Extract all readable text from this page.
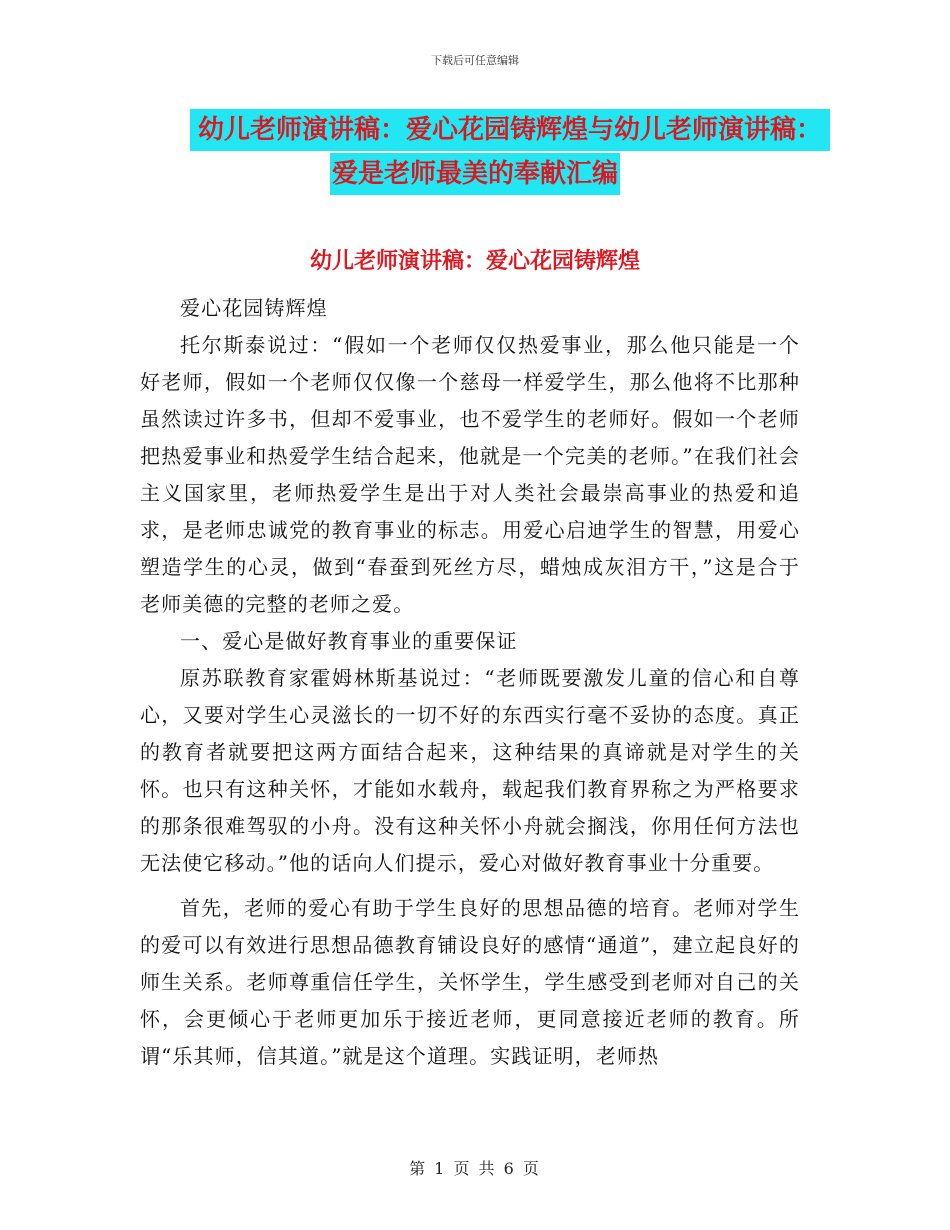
下载后可任意编辑
幼儿老师演讲稿：爱心花园铸辉煌与幼儿老师演讲稿：
爱是老师最美的奉献汇编
幼儿老师演讲稿：爱心花园铸辉煌

爱心花园铸辉煌

托尔斯泰说过：“假如一个老师仅仅热爱事业，那么他只能是一个好老师，假如一个老师仅仅像一个慈母一样爱学生，那么他将不比那种虽然读过许多书，但却不爱事业，也不爱学生的老师好。假如一个老师把热爱事业和热爱学生结合起来，他就是一个完美的老师。”在我们社会主义国家里，老师热爱学生是出于对人类社会最崇高事业的热爱和追求，是老师忠诚党的教育事业的标志。用爱心启迪学生的智慧，用爱心塑造学生的心灵，做到“春蚕到死丝方尽，蜡烛成灰泪方干，”这是合于老师美德的完整的老师之爱。

一、爱心是做好教育事业的重要保证

原苏联教育家霍姆林斯基说过：“老师既要激发儿童的信心和自尊心，又要对学生心灵滋长的一切不好的东西实行毫不妥协的态度。真正的教育者就要把这两方面结合起来，这种结果的真谛就是对学生的关怀。也只有这种关怀，才能如水载舟，载起我们教育界称之为严格要求的那条很难驾驭的小舟。没有这种关怀小舟就会搁浅，你用任何方法也无法使它移动。”他的话向人们提示，爱心对做好教育事业十分重要。

首先，老师的爱心有助于学生良好的思想品德的培育。老师对学生的爱可以有效进行思想品德教育铺设良好的感情“通道”，建立起良好的师生关系。老师尊重信任学生，关怀学生，学生感受到老师对自己的关怀，会更倾心于老师更加乐于接近老师，更同意接近老师的教育。所谓“乐其师，信其道。”就是这个道理。实践证明，老师热

第 1 页 共 6 页
